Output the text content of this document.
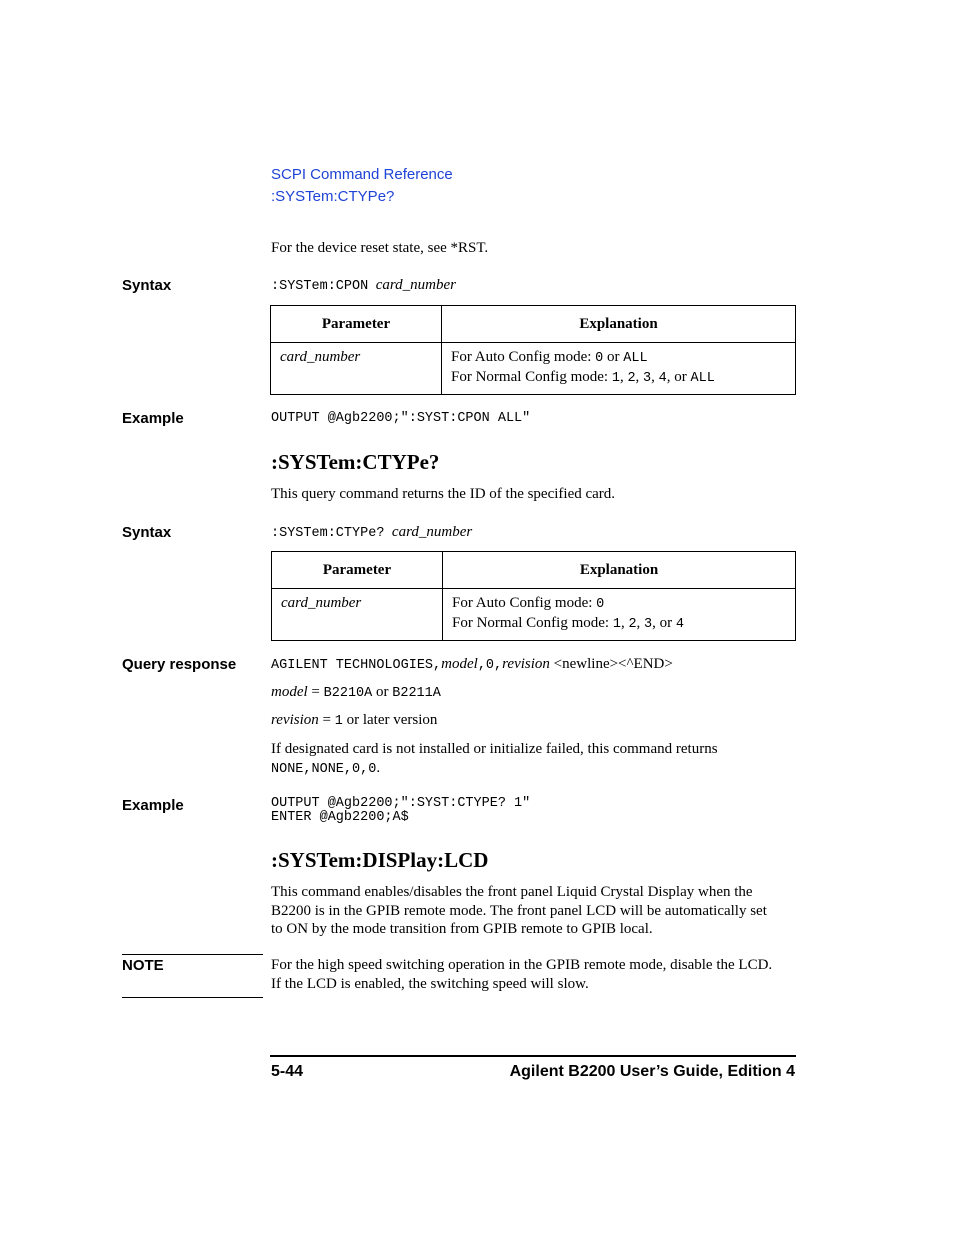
SCPI Command Reference
:SYSTem:CTYPe?
For the device reset state, see *RST.
Syntax	:SYSTem:CPON card_number
Parameter	Explanation
card_number	For Auto Config mode: 0 or ALL
For Normal Config mode: 1, 2, 3, 4, or ALL
Example	OUTPUT @Agb2200;":SYST:CPON ALL"
:SYSTem:CTYPe?
This query command returns the ID of the specified card.
Syntax	:SYSTem:CTYPe? card_number
Parameter	Explanation
card_number	For Auto Config mode: 0
For Normal Config mode: 1, 2, 3, or 4
Query response	AGILENT TECHNOLOGIES,model,0,revision <newline><^END>
model = B2210A or B2211A
revision = 1 or later version
If designated card is not installed or initialize failed, this command returns
NONE,NONE,0,0.
Example	OUTPUT @Agb2200;":SYST:CTYPE? 1"
ENTER @Agb2200;A$
:SYSTem:DISPlay:LCD
This command enables/disables the front panel Liquid Crystal Display when the
B2200 is in the GPIB remote mode. The front panel LCD will be automatically set
to ON by the mode transition from GPIB remote to GPIB local.
NOTE	For the high speed switching operation in the GPIB remote mode, disable the LCD.
If the LCD is enabled, the switching speed will slow.
5-44	Agilent B2200 User’s Guide, Edition 4
